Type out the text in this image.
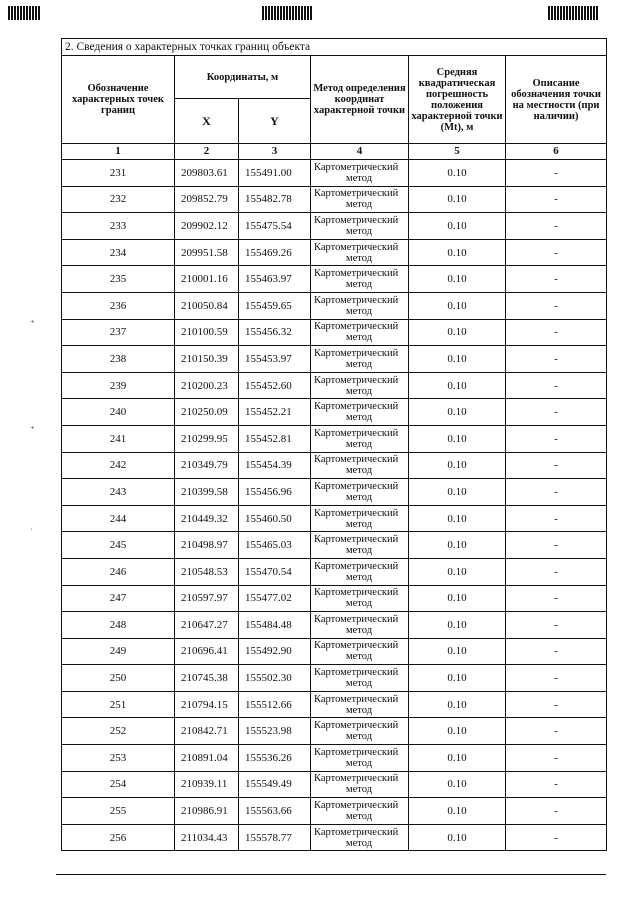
⁺
⁺
ˌ
2. Сведения о характерных точках границ объекта					
Обозначение характерных точек границ	Координаты, м		Метод определения координат характерной точки	Средняя квадратическая погрешность положения характерной точки (Mt), м	Описание обозначения точки на местности (при наличии)
	X	Y			
1	2	3	4	5	6
231	209803.61	155491.00	Картометрический
метод	0.10	-
232	209852.79	155482.78	Картометрический
метод	0.10	-
233	209902.12	155475.54	Картометрический
метод	0.10	-
234	209951.58	155469.26	Картометрический
метод	0.10	-
235	210001.16	155463.97	Картометрический
метод	0.10	-
236	210050.84	155459.65	Картометрический
метод	0.10	-
237	210100.59	155456.32	Картометрический
метод	0.10	-
238	210150.39	155453.97	Картометрический
метод	0.10	-
239	210200.23	155452.60	Картометрический
метод	0.10	-
240	210250.09	155452.21	Картометрический
метод	0.10	-
241	210299.95	155452.81	Картометрический
метод	0.10	-
242	210349.79	155454.39	Картометрический
метод	0.10	-
243	210399.58	155456.96	Картометрический
метод	0.10	-
244	210449.32	155460.50	Картометрический
метод	0.10	-
245	210498.97	155465.03	Картометрический
метод	0.10	-
246	210548.53	155470.54	Картометрический
метод	0.10	-
247	210597.97	155477.02	Картометрический
метод	0.10	-
248	210647.27	155484.48	Картометрический
метод	0.10	-
249	210696.41	155492.90	Картометрический
метод	0.10	-
250	210745.38	155502.30	Картометрический
метод	0.10	-
251	210794.15	155512.66	Картометрический
метод	0.10	-
252	210842.71	155523.98	Картометрический
метод	0.10	-
253	210891.04	155536.26	Картометрический
метод	0.10	-
254	210939.11	155549.49	Картометрический
метод	0.10	-
255	210986.91	155563.66	Картометрический
метод	0.10	-
256	211034.43	155578.77	Картометрический
метод	0.10	-
